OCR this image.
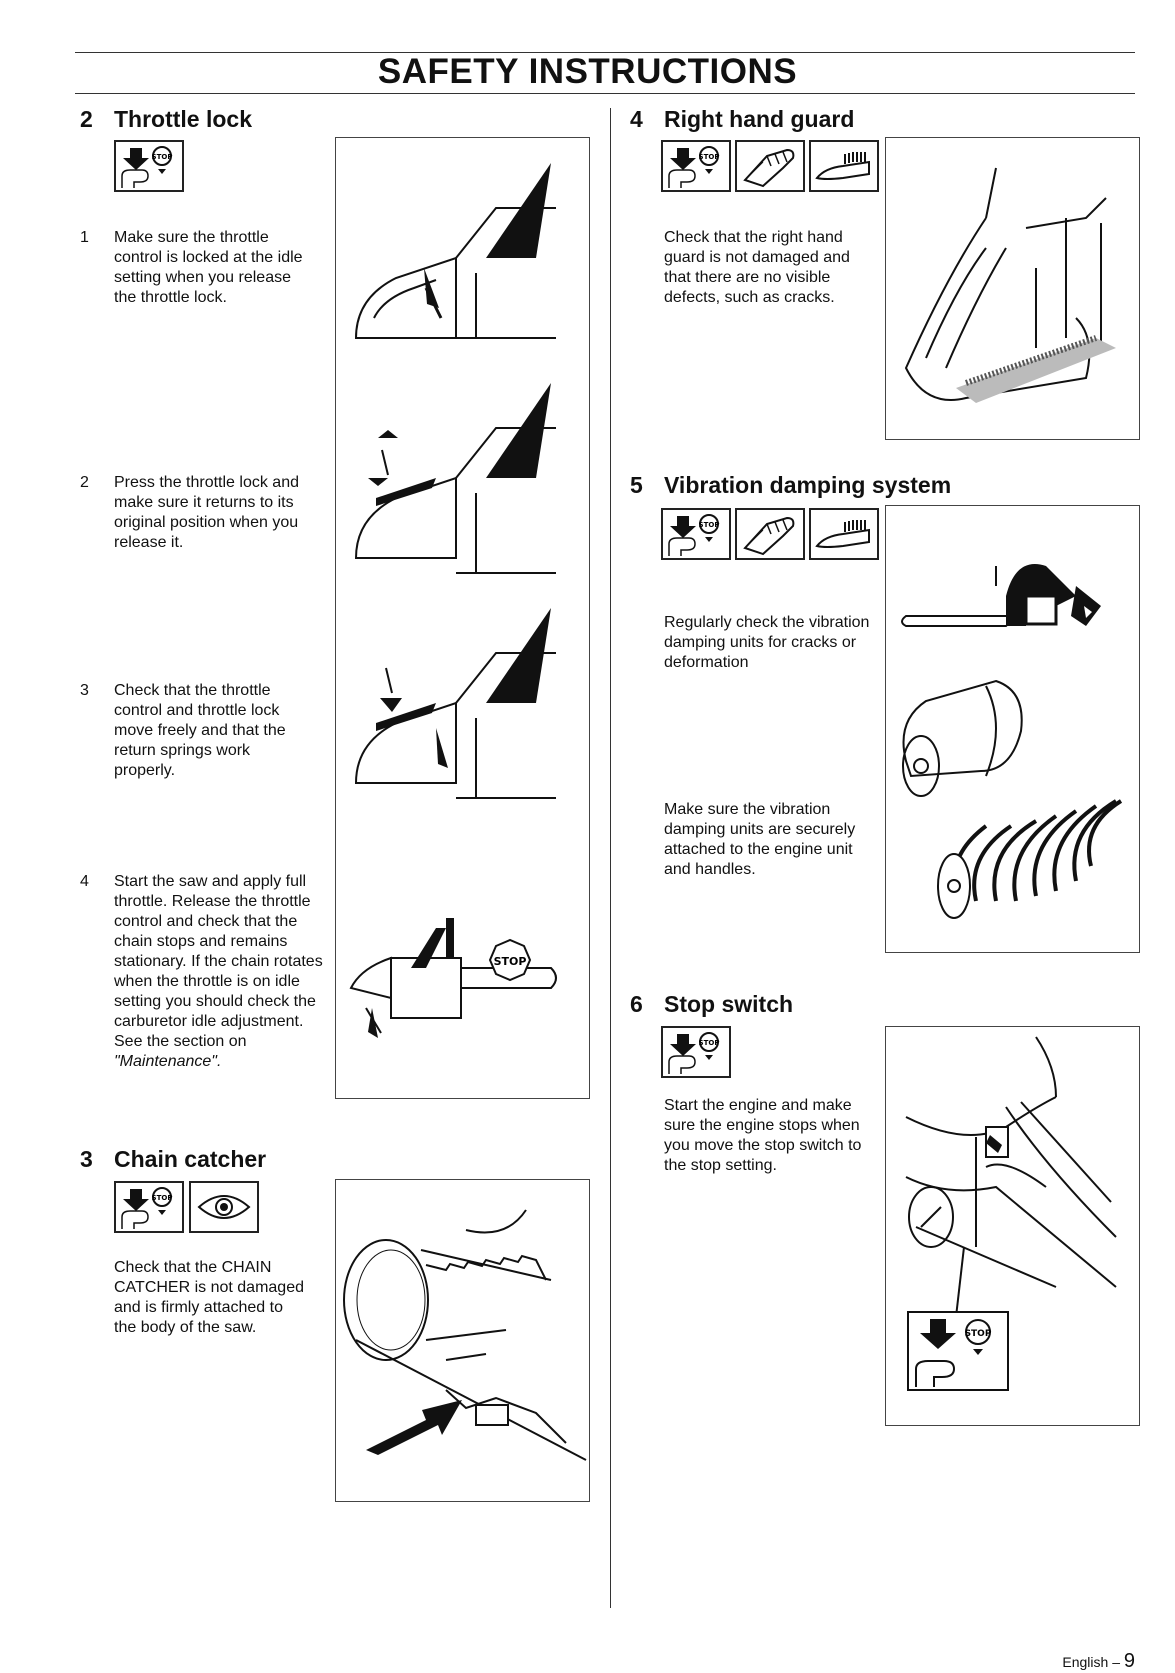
SAFETY INSTRUCTIONS
2 Throttle lock
STOP
1 Make sure the throttle control is locked at the idle setting when you release the throttle lock.
2 Press the throttle lock and make sure it returns to its original position when you release it.
3 Check that the throttle control and throttle lock move freely and that the return springs work properly.
4 Start the saw and apply full throttle. Release the throttle control and check that the chain stops and remains stationary. If the chain rotates when the throttle is on idle setting you should check the carburetor idle adjustment. See the section on "Maintenance".
STOP
3 Chain catcher
STOP
Check that the CHAIN CATCHER is not damaged and is firmly attached to the body of the saw.
4 Right hand guard
STOP
Check that the right hand guard is not damaged and that there are no visible defects, such as cracks.
5 Vibration damping system
STOP
Regularly check the vibration damping units for cracks or deformation
Make sure the vibration damping units are securely attached to the engine unit and handles.
6 Stop switch
STOP
Start the engine and make sure the engine stops when you move the stop switch to the stop setting.
STOP
English – 9
